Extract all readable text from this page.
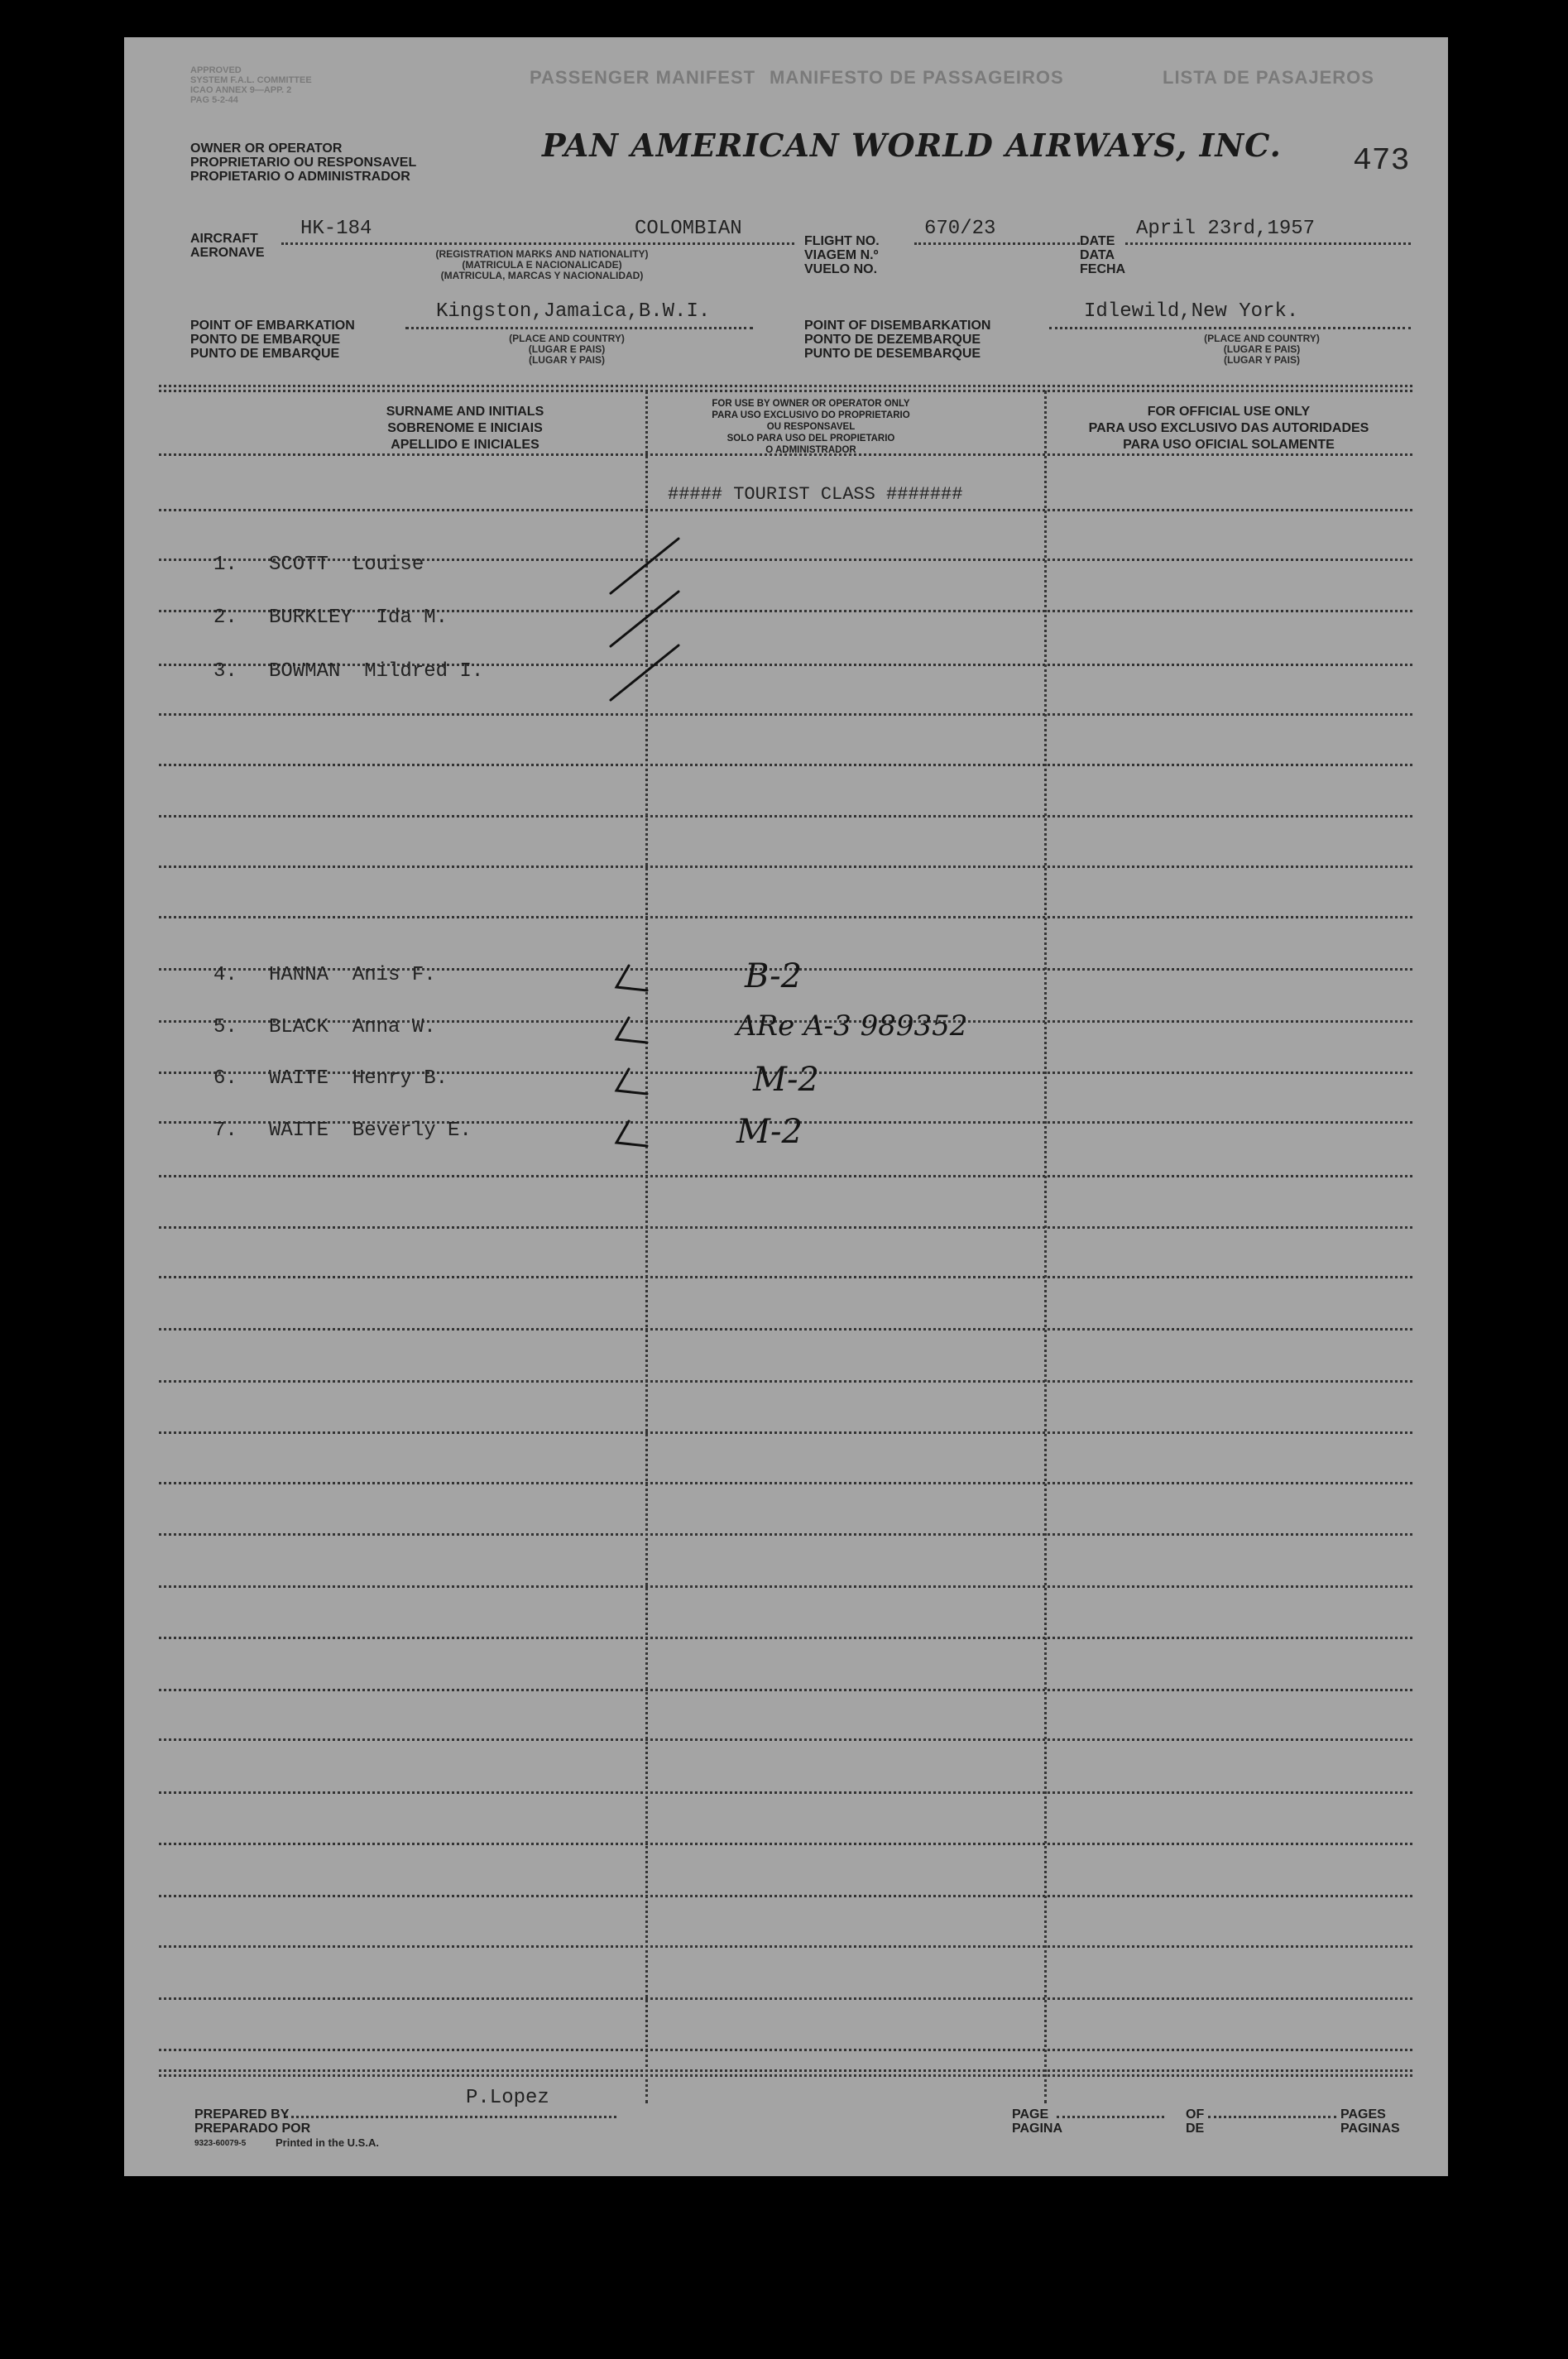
APPROVED
SYSTEM F.A.L. COMMITTEE
ICAO ANNEX 9—APP. 2
PAG 5-2-44
PASSENGER MANIFEST MANIFESTO DE PASSAGEIROS	LISTA DE PASAJEROS
OWNER OR OPERATOR
PROPRIETARIO OU RESPONSAVEL
PROPIETARIO O ADMINISTRADOR
PAN AMERICAN WORLD AIRWAYS, INC. 473
AIRCRAFT
AERONAVE
HK-184	COLOMBIAN
(REGISTRATION MARKS AND NATIONALITY)
(MATRICULA E NACIONALICADE)
(MATRICULA, MARCAS Y NACIONALIDAD)
FLIGHT NO.
VIAGEM N.º
VUELO NO.
670/23
DATE
DATA
FECHA
April 23rd,1957
POINT OF EMBARKATION
PONTO DE EMBARQUE
PUNTO DE EMBARQUE
Kingston,Jamaica,B.W.I.
(PLACE AND COUNTRY)
(LUGAR E PAIS)
(LUGAR Y PAIS)
POINT OF DISEMBARKATION
PONTO DE DEZEMBARQUE
PUNTO DE DESEMBARQUE
Idlewild,New York.
(PLACE AND COUNTRY)
(LUGAR E PAIS)
(LUGAR Y PAIS)
SURNAME AND INITIALS
SOBRENOME E INICIAIS
APELLIDO E INICIALES
FOR USE BY OWNER OR OPERATOR ONLY
PARA USO EXCLUSIVO DO PROPRIETARIO
OU RESPONSAVEL
SOLO PARA USO DEL PROPIETARIO
O ADMINISTRADOR
FOR OFFICIAL USE ONLY
PARA USO EXCLUSIVO DAS AUTORIDADES
PARA USO OFICIAL SOLAMENTE
##### TOURIST CLASS #######
1. SCOTT  Louise
2. BURKLEY  Ida M.
3. BOWMAN  Mildred I.
4. HANNA  Anis F.	B-2
5. BLACK  Anna W.	ARe A-3 989352
6. WAITE  Henry B.	M-2
7. WAITE  Beverly E.	M-2
PREPARED BY
PREPARADO POR
P.Lopez
9323-60079-5	Printed in the U.S.A.
PAGE
PAGINA
OF
DE
PAGES
PAGINAS
